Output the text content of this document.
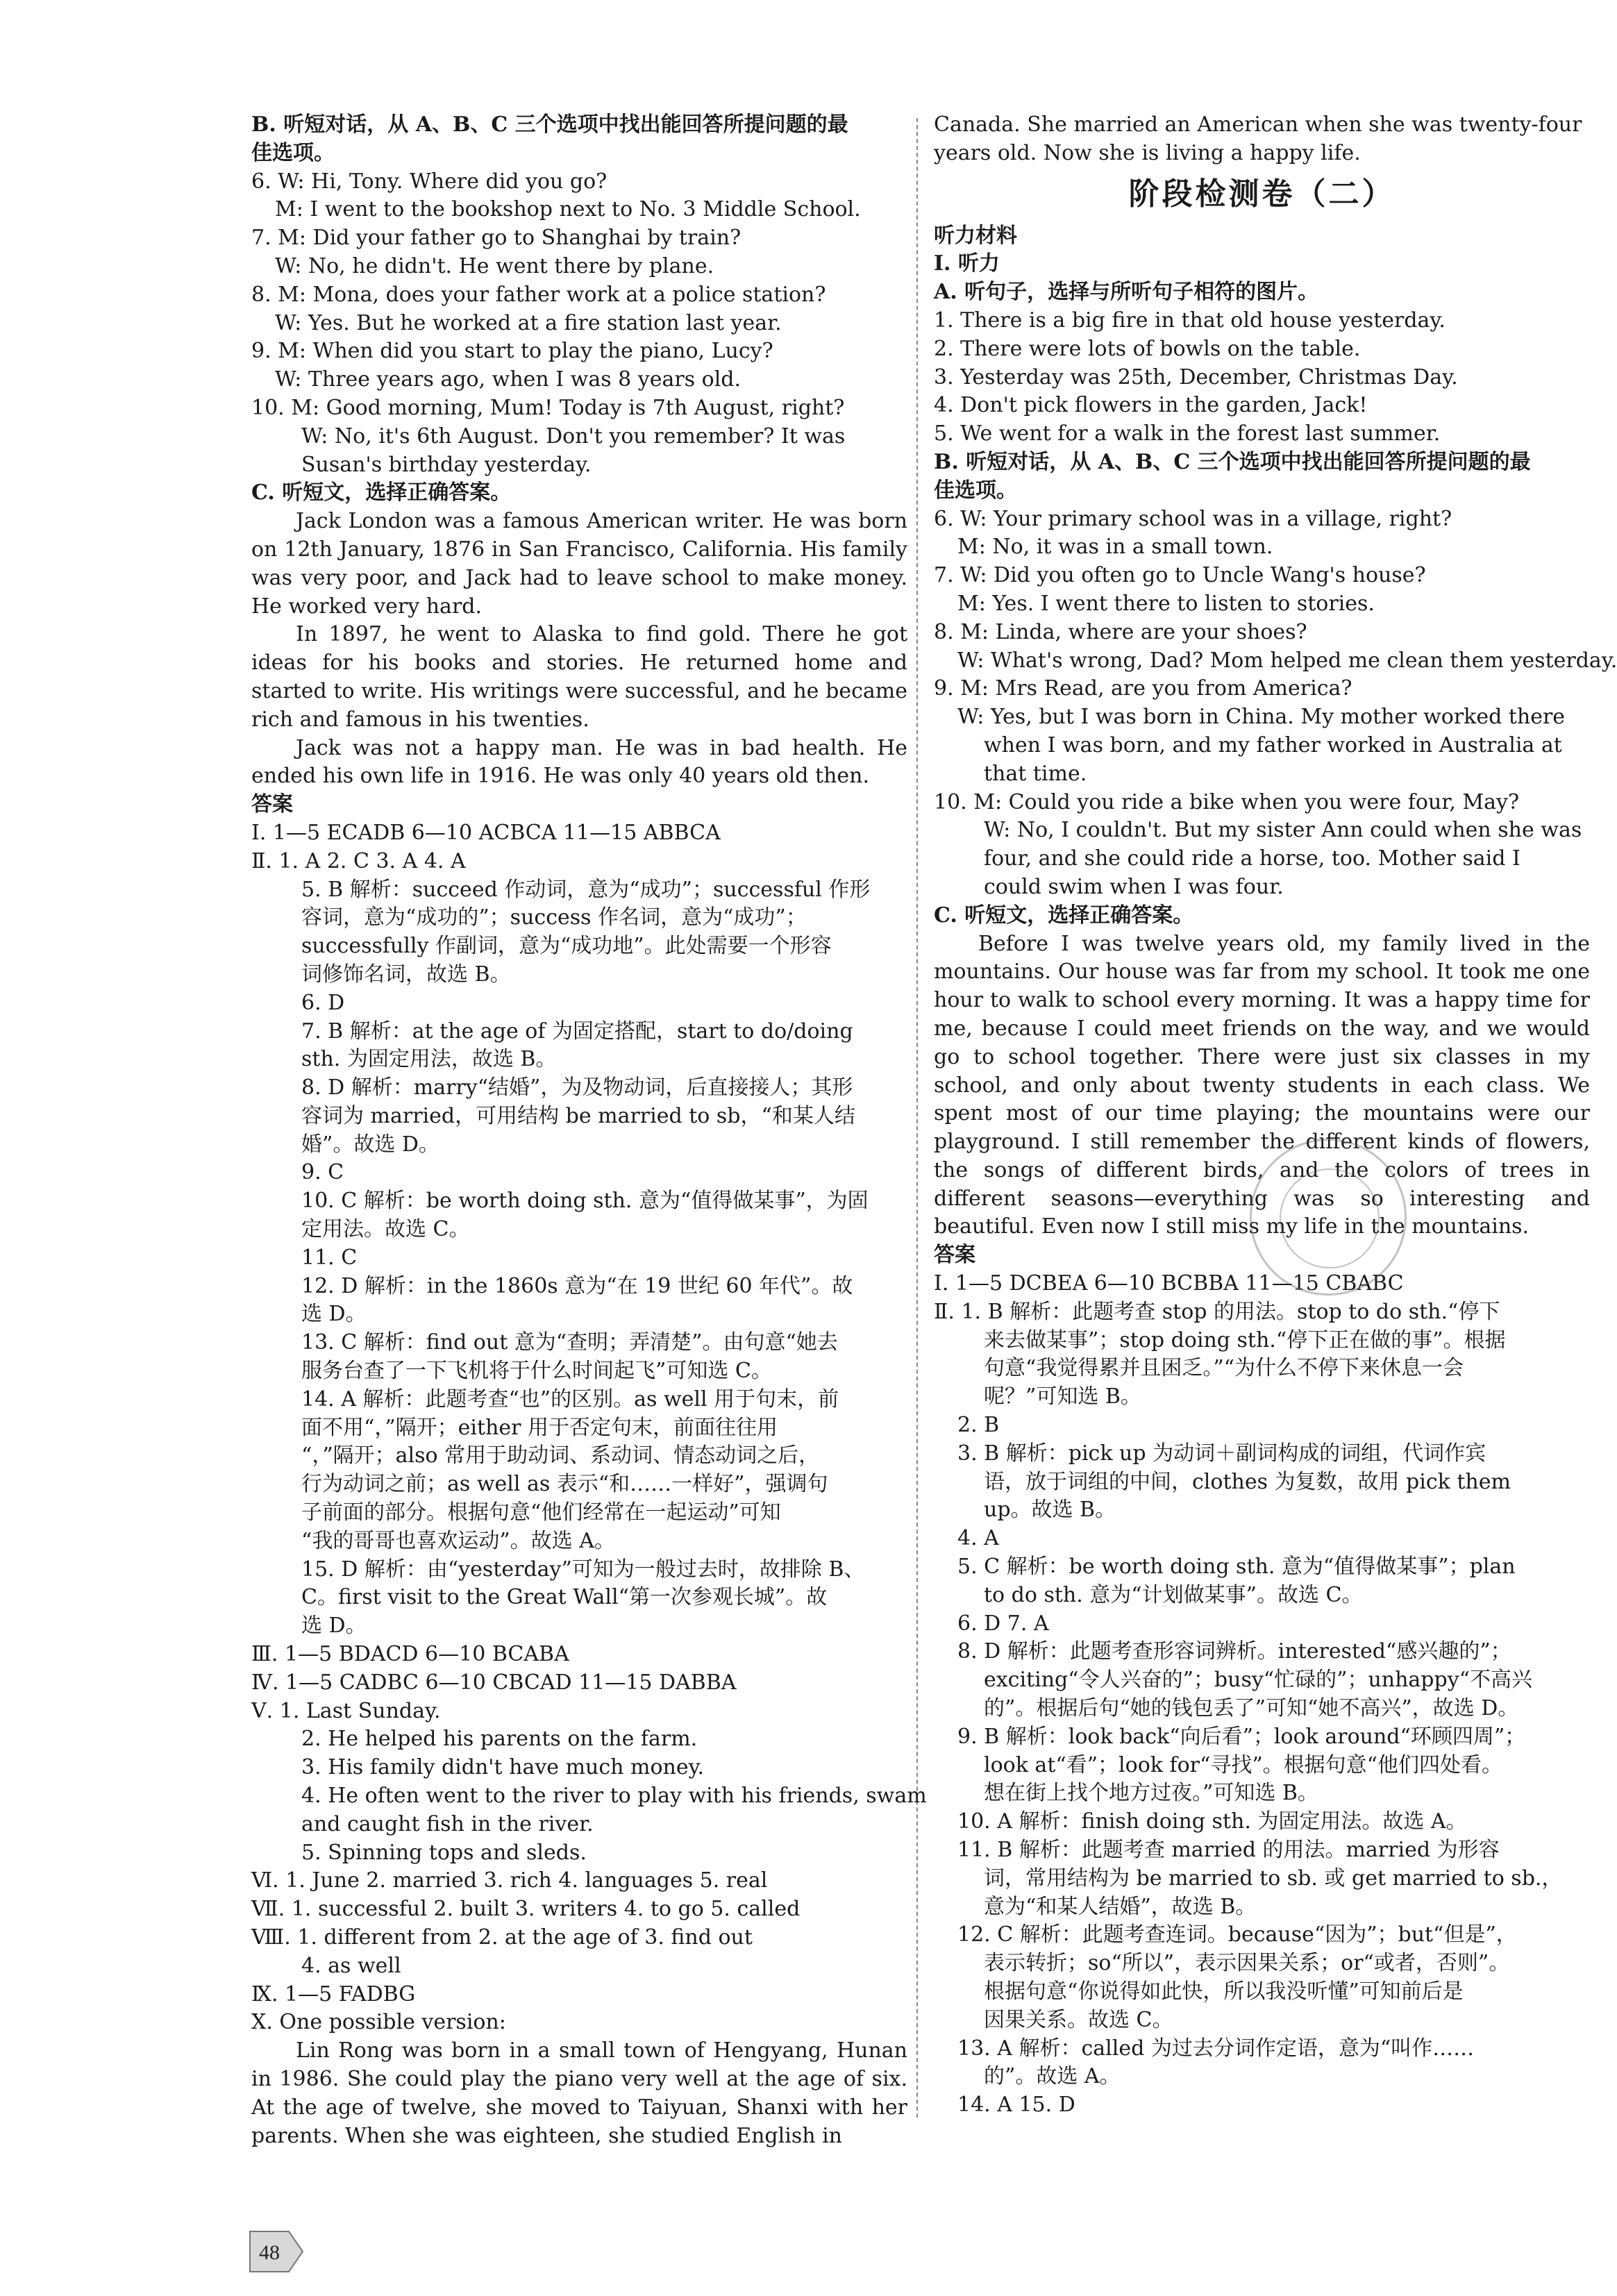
B. 听短对话，从 A、B、C 三个选项中找出能回答所提问题的最
佳选项。
6. W: Hi, Tony. Where did you go?
M: I went to the bookshop next to No. 3 Middle School.
7. M: Did your father go to Shanghai by train?
W: No, he didn't. He went there by plane.
8. M: Mona, does your father work at a police station?
W: Yes. But he worked at a fire station last year.
9. M: When did you start to play the piano, Lucy?
W: Three years ago, when I was 8 years old.
10. M: Good morning, Mum! Today is 7th August, right?
W: No, it's 6th August. Don't you remember? It was
Susan's birthday yesterday.
C. 听短文，选择正确答案。
Jack London was a famous American writer. He was born on 12th January, 1876 in San Francisco, California. His family was very poor, and Jack had to leave school to make money. He worked very hard.
In 1897, he went to Alaska to find gold. There he got ideas for his books and stories. He returned home and started to write. His writings were successful, and he became rich and famous in his twenties.
Jack was not a happy man. He was in bad health. He ended his own life in 1916. He was only 40 years old then.
答案
Ⅰ. 1—5 ECADB 6—10 ACBCA 11—15 ABBCA
Ⅱ. 1. A 2. C 3. A 4. A
5. B 解析：succeed 作动词，意为“成功”；successful 作形
容词，意为“成功的”；success 作名词，意为“成功”；
successfully 作副词，意为“成功地”。此处需要一个形容
词修饰名词，故选 B。
6. D
7. B 解析：at the age of 为固定搭配，start to do/doing
sth. 为固定用法，故选 B。
8. D 解析：marry“结婚”，为及物动词，后直接接人；其形
容词为 married，可用结构 be married to sb，“和某人结
婚”。故选 D。
9. C
10. C 解析：be worth doing sth. 意为“值得做某事”，为固
定用法。故选 C。
11. C
12. D 解析：in the 1860s 意为“在 19 世纪 60 年代”。故
选 D。
13. C 解析：find out 意为“查明；弄清楚”。由句意“她去
服务台查了一下飞机将于什么时间起飞”可知选 C。
14. A 解析：此题考查“也”的区别。as well 用于句末，前
面不用“，”隔开；either 用于否定句末，前面往往用
“，”隔开；also 常用于助动词、系动词、情态动词之后，
行为动词之前；as well as 表示“和……一样好”，强调句
子前面的部分。根据句意“他们经常在一起运动”可知
“我的哥哥也喜欢运动”。故选 A。
15. D 解析：由“yesterday”可知为一般过去时，故排除 B、
C。first visit to the Great Wall“第一次参观长城”。故
选 D。
Ⅲ. 1—5 BDACD 6—10 BCABA
Ⅳ. 1—5 CADBC 6—10 CBCAD 11—15 DABBA
Ⅴ. 1. Last Sunday.
2. He helped his parents on the farm.
3. His family didn't have much money.
4. He often went to the river to play with his friends, swam
and caught fish in the river.
5. Spinning tops and sleds.
Ⅵ. 1. June 2. married 3. rich 4. languages 5. real
Ⅶ. 1. successful 2. built 3. writers 4. to go 5. called
Ⅷ. 1. different from 2. at the age of 3. find out
4. as well
Ⅸ. 1—5 FADBG
Ⅹ. One possible version:
Lin Rong was born in a small town of Hengyang, Hunan in 1986. She could play the piano very well at the age of six. At the age of twelve, she moved to Taiyuan, Shanxi with her parents. When she was eighteen, she studied English in
Canada. She married an American when she was twenty-four
years old. Now she is living a happy life.
阶段检测卷（二）
听力材料
Ⅰ. 听力
A. 听句子，选择与所听句子相符的图片。
1. There is a big fire in that old house yesterday.
2. There were lots of bowls on the table.
3. Yesterday was 25th, December, Christmas Day.
4. Don't pick flowers in the garden, Jack!
5. We went for a walk in the forest last summer.
B. 听短对话，从 A、B、C 三个选项中找出能回答所提问题的最
佳选项。
6. W: Your primary school was in a village, right?
M: No, it was in a small town.
7. W: Did you often go to Uncle Wang's house?
M: Yes. I went there to listen to stories.
8. M: Linda, where are your shoes?
W: What's wrong, Dad? Mom helped me clean them yesterday.
9. M: Mrs Read, are you from America?
W: Yes, but I was born in China. My mother worked there
when I was born, and my father worked in Australia at
that time.
10. M: Could you ride a bike when you were four, May?
W: No, I couldn't. But my sister Ann could when she was
four, and she could ride a horse, too. Mother said I
could swim when I was four.
C. 听短文，选择正确答案。
Before I was twelve years old, my family lived in the mountains. Our house was far from my school. It took me one hour to walk to school every morning. It was a happy time for me, because I could meet friends on the way, and we would go to school together. There were just six classes in my school, and only about twenty students in each class. We spent most of our time playing; the mountains were our playground. I still remember the different kinds of flowers, the songs of different birds, and the colors of trees in different seasons—everything was so interesting and beautiful. Even now I still miss my life in the mountains.
答案
Ⅰ. 1—5 DCBEA 6—10 BCBBA 11—15 CBABC
Ⅱ. 1. B 解析：此题考查 stop 的用法。stop to do sth.“停下
来去做某事”；stop doing sth.“停下正在做的事”。根据
句意“我觉得累并且困乏。”“为什么不停下来休息一会
呢？”可知选 B。
2. B
3. B 解析：pick up 为动词＋副词构成的词组，代词作宾
语，放于词组的中间，clothes 为复数，故用 pick them
up。故选 B。
4. A
5. C 解析：be worth doing sth. 意为“值得做某事”；plan
to do sth. 意为“计划做某事”。故选 C。
6. D 7. A
8. D 解析：此题考查形容词辨析。interested“感兴趣的”；
exciting“令人兴奋的”；busy“忙碌的”；unhappy“不高兴
的”。根据后句“她的钱包丢了”可知“她不高兴”，故选 D。
9. B 解析：look back“向后看”；look around“环顾四周”；
look at“看”；look for“寻找”。根据句意“他们四处看。
想在街上找个地方过夜。”可知选 B。
10. A 解析：finish doing sth. 为固定用法。故选 A。
11. B 解析：此题考查 married 的用法。married 为形容
词，常用结构为 be married to sb. 或 get married to sb.，
意为“和某人结婚”，故选 B。
12. C 解析：此题考查连词。because“因为”；but“但是”，
表示转折；so“所以”，表示因果关系；or“或者，否则”。
根据句意“你说得如此快，所以我没听懂”可知前后是
因果关系。故选 C。
13. A 解析：called 为过去分词作定语，意为“叫作……
的”。故选 A。
14. A 15. D
48
